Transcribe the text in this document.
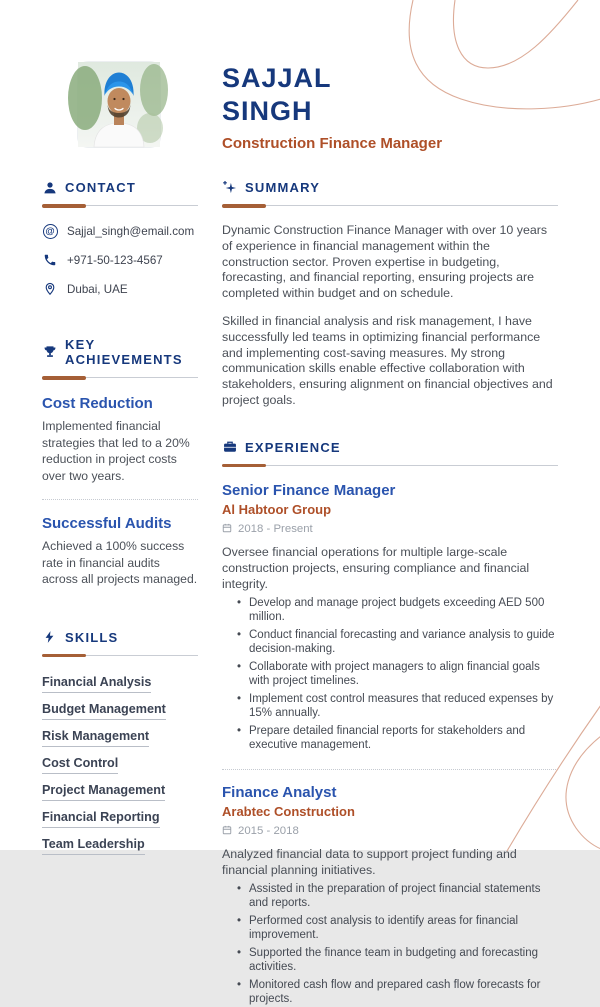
SAJJAL
SINGH
Construction Finance Manager
CONTACT
@ Sajjal_singh@email.com
+971-50-123-4567
Dubai, UAE
KEY ACHIEVEMENTS
Cost Reduction
Implemented financial strategies that led to a 20% reduction in project costs over two years.
Successful Audits
Achieved a 100% success rate in financial audits across all projects managed.
SKILLS
Financial Analysis
Budget Management
Risk Management
Cost Control
Project Management
Financial Reporting
Team Leadership
SUMMARY

Dynamic Construction Finance Manager with over 10 years of experience in financial management within the construction sector. Proven expertise in budgeting, forecasting, and financial reporting, ensuring projects are completed within budget and on schedule.

Skilled in financial analysis and risk management, I have successfully led teams in optimizing financial performance and implementing cost-saving measures. My strong communication skills enable effective collaboration with stakeholders, ensuring alignment on financial objectives and project goals.

EXPERIENCE
Senior Finance Manager
Al Habtoor Group
2018 - Present
Oversee financial operations for multiple large-scale construction projects, ensuring compliance and financial integrity.
• Develop and manage project budgets exceeding AED 500 million.
• Conduct financial forecasting and variance analysis to guide decision-making.
• Collaborate with project managers to align financial goals with project timelines.
• Implement cost control measures that reduced expenses by 15% annually.
• Prepare detailed financial reports for stakeholders and executive management.
Finance Analyst
Arabtec Construction
2015 - 2018
Analyzed financial data to support project funding and financial planning initiatives.
• Assisted in the preparation of project financial statements and reports.
• Performed cost analysis to identify areas for financial improvement.
• Supported the finance team in budgeting and forecasting activities.
• Monitored cash flow and prepared cash flow forecasts for projects.
